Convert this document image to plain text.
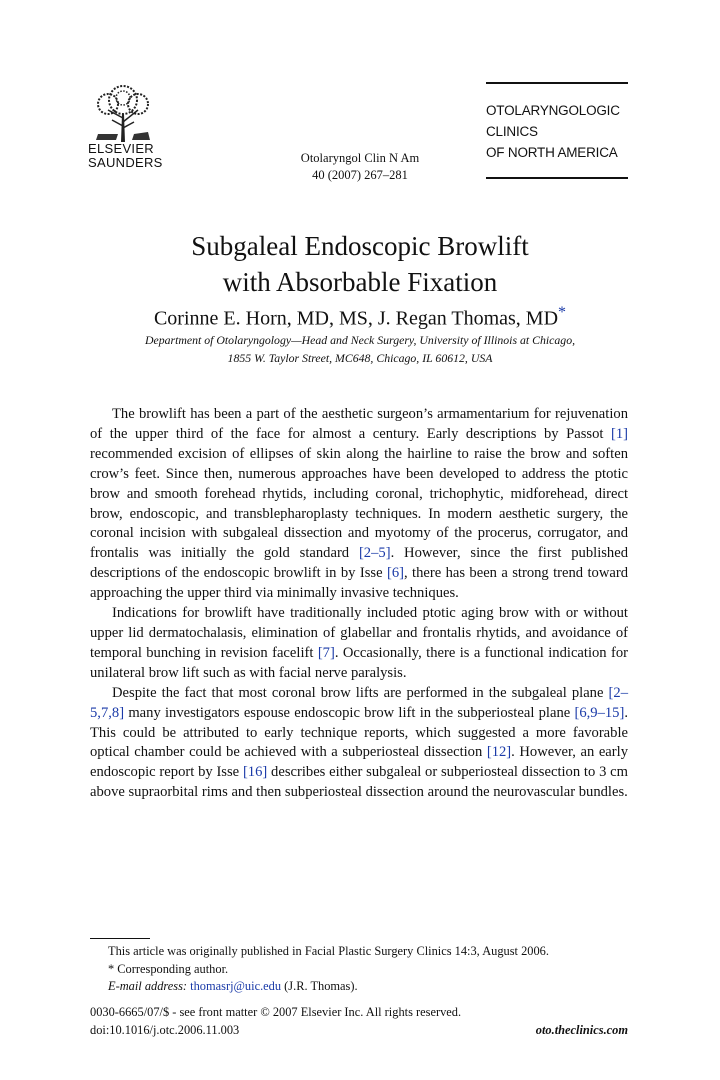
ELSEVIER
SAUNDERS	Otolaryngol Clin N Am
40 (2007) 267–281
OTOLARYNGOLOGIC
CLINICS
OF NORTH AMERICA
Subgaleal Endoscopic Browlift
with Absorbable Fixation
Corinne E. Horn, MD, MS, J. Regan Thomas, MD*
Department of Otolaryngology—Head and Neck Surgery, University of Illinois at Chicago,
1855 W. Taylor Street, MC648, Chicago, IL 60612, USA

The browlift has been a part of the aesthetic surgeon’s armamentarium for rejuvenation of the upper third of the face for almost a century. Early descriptions by Passot [1] recommended excision of ellipses of skin along the hairline to raise the brow and soften crow’s feet. Since then, numerous approaches have been developed to address the ptotic brow and smooth forehead rhytids, including coronal, trichophytic, midforehead, direct brow, endoscopic, and transblepharoplasty techniques. In modern aesthetic surgery, the coronal incision with subgaleal dissection and myotomy of the procerus, corrugator, and frontalis was initially the gold standard [2–5]. However, since the first published descriptions of the endoscopic browlift in by Isse [6], there has been a strong trend toward approaching the upper third via minimally invasive techniques.

Indications for browlift have traditionally included ptotic aging brow with or without upper lid dermatochalasis, elimination of glabellar and frontalis rhytids, and avoidance of temporal bunching in revision facelift [7]. Occasionally, there is a functional indication for unilateral brow lift such as with facial nerve paralysis.

Despite the fact that most coronal brow lifts are performed in the subgaleal plane [2–5,7,8] many investigators espouse endoscopic brow lift in the subperiosteal plane [6,9–15]. This could be attributed to early technique reports, which suggested a more favorable optical chamber could be achieved with a subperiosteal dissection [12]. However, an early endoscopic report by Isse [16] describes either subgaleal or subperiosteal dissection to 3 cm above supraorbital rims and then subperiosteal dissection around the neurovascular bundles.

This article was originally published in Facial Plastic Surgery Clinics 14:3, August 2006.
* Corresponding author.
E-mail address: thomasrj@uic.edu (J.R. Thomas).
0030-6665/07/$ - see front matter © 2007 Elsevier Inc. All rights reserved.
doi:10.1016/j.otc.2006.11.003	oto.theclinics.com
